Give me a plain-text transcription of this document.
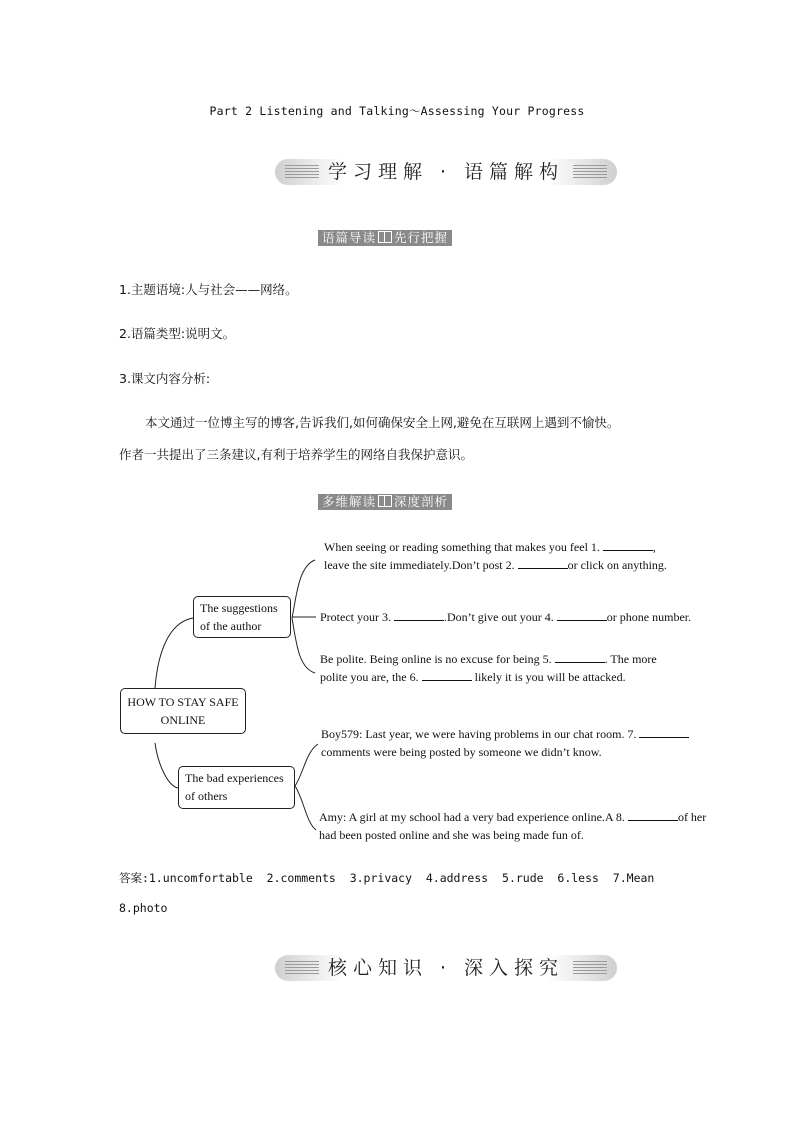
Part 2 Listening and Talking～Assessing Your Progress
学习理解 · 语篇解构
语篇导读 先行把握
1.主题语境:人与社会——网络。
2.语篇类型:说明文。
3.课文内容分析:
本文通过一位博主写的博客,告诉我们,如何确保安全上网,避免在互联网上遇到不愉快。
作者一共提出了三条建议,有利于培养学生的网络自我保护意识。
多维解读 深度剖析
HOW TO STAY SAFE ONLINE
The suggestions of the author
The bad experiences of others
When seeing or reading something that makes you feel 1.	,
leave the site immediately.Don’t post 2.	or click on anything.
Protect your 3.	.Don’t give out your 4.	or phone number.
Be polite. Being online is no excuse for being 5.	. The more
polite you are, the 6.	likely it is you will be attacked.
Boy579: Last year, we were having problems in our chat room. 7.
comments were being posted by someone we didn’t know.
Amy: A girl at my school had a very bad experience online.A 8.	of her
had been posted online and she was being made fun of.
答案:1.uncomfortable  2.comments  3.privacy  4.address  5.rude  6.less  7.Mean
8.photo
核心知识 · 深入探究
